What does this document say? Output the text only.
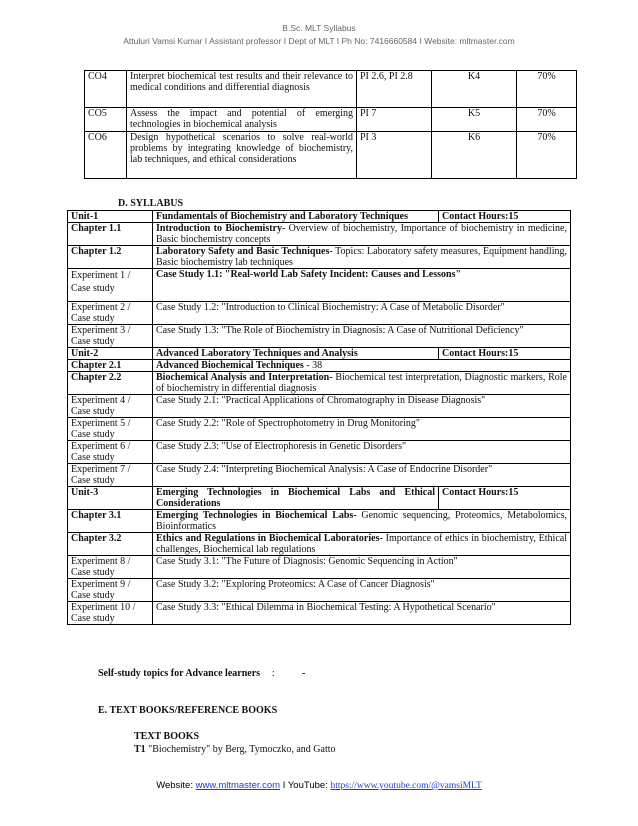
B.Sc. MLT Syllabus
Attuluri Vamsi Kumar I Assistant professor I Dept of MLT I Ph No: 7416660584 I Website: mltmaster.com
CO4	Interpret biochemical test results and their relevance to medical conditions and differential diagnosis	PI 2.6, PI 2.8	K4	70%
CO5	Assess the impact and potential of emerging technologies in biochemical analysis	PI 7	K5	70%
CO6	Design hypothetical scenarios to solve real-world problems by integrating knowledge of biochemistry, lab techniques, and ethical considerations	PI 3	K6	70%
D. SYLLABUS
Unit-1	Fundamentals of Biochemistry and Laboratory Techniques	Contact Hours:15
Chapter 1.1	Introduction to Biochemistry- Overview of biochemistry, Importance of biochemistry in medicine, Basic biochemistry concepts	
Chapter 1.2	Laboratory Safety and Basic Techniques- Topics: Laboratory safety measures, Equipment handling, Basic biochemistry lab techniques	
Experiment 1 / Case study	Case Study 1.1: "Real-world Lab Safety Incident: Causes and Lessons"	
Experiment 2 / Case study	Case Study 1.2: "Introduction to Clinical Biochemistry: A Case of Metabolic Disorder"	
Experiment 3 / Case study	Case Study 1.3: "The Role of Biochemistry in Diagnosis: A Case of Nutritional Deficiency"	
Unit-2	Advanced Laboratory Techniques and Analysis	Contact Hours:15
Chapter 2.1	Advanced Biochemical Techniques - 38	
Chapter 2.2	Biochemical Analysis and Interpretation- Biochemical test interpretation, Diagnostic markers, Role of biochemistry in differential diagnosis	
Experiment 4 / Case study	Case Study 2.1: "Practical Applications of Chromatography in Disease Diagnosis"	
Experiment 5 / Case study	Case Study 2.2: "Role of Spectrophotometry in Drug Monitoring"	
Experiment 6 / Case study	Case Study 2.3: "Use of Electrophoresis in Genetic Disorders"	
Experiment 7 / Case study	Case Study 2.4: "Interpreting Biochemical Analysis: A Case of Endocrine Disorder"	
Unit-3	Emerging Technologies in Biochemical Labs and Ethical Considerations	Contact Hours:15
Chapter 3.1	Emerging Technologies in Biochemical Labs- Genomic sequencing, Proteomics, Metabolomics, Bioinformatics	
Chapter 3.2	Ethics and Regulations in Biochemical Laboratories- Importance of ethics in biochemistry, Ethical challenges, Biochemical lab regulations	
Experiment 8 / Case study	Case Study 3.1: "The Future of Diagnosis: Genomic Sequencing in Action"	
Experiment 9 / Case study	Case Study 3.2: "Exploring Proteomics: A Case of Cancer Diagnosis"	
Experiment 10 / Case study	Case Study 3.3: "Ethical Dilemma in Biochemical Testing: A Hypothetical Scenario"	
Self-study topics for Advance learners :	-
E. TEXT BOOKS/REFERENCE BOOKS
TEXT BOOKS
T1 "Biochemistry" by Berg, Tymoczko, and Gatto
Website: www.mltmaster.com I YouTube: https://www.youtube.com/@vamsiMLT
